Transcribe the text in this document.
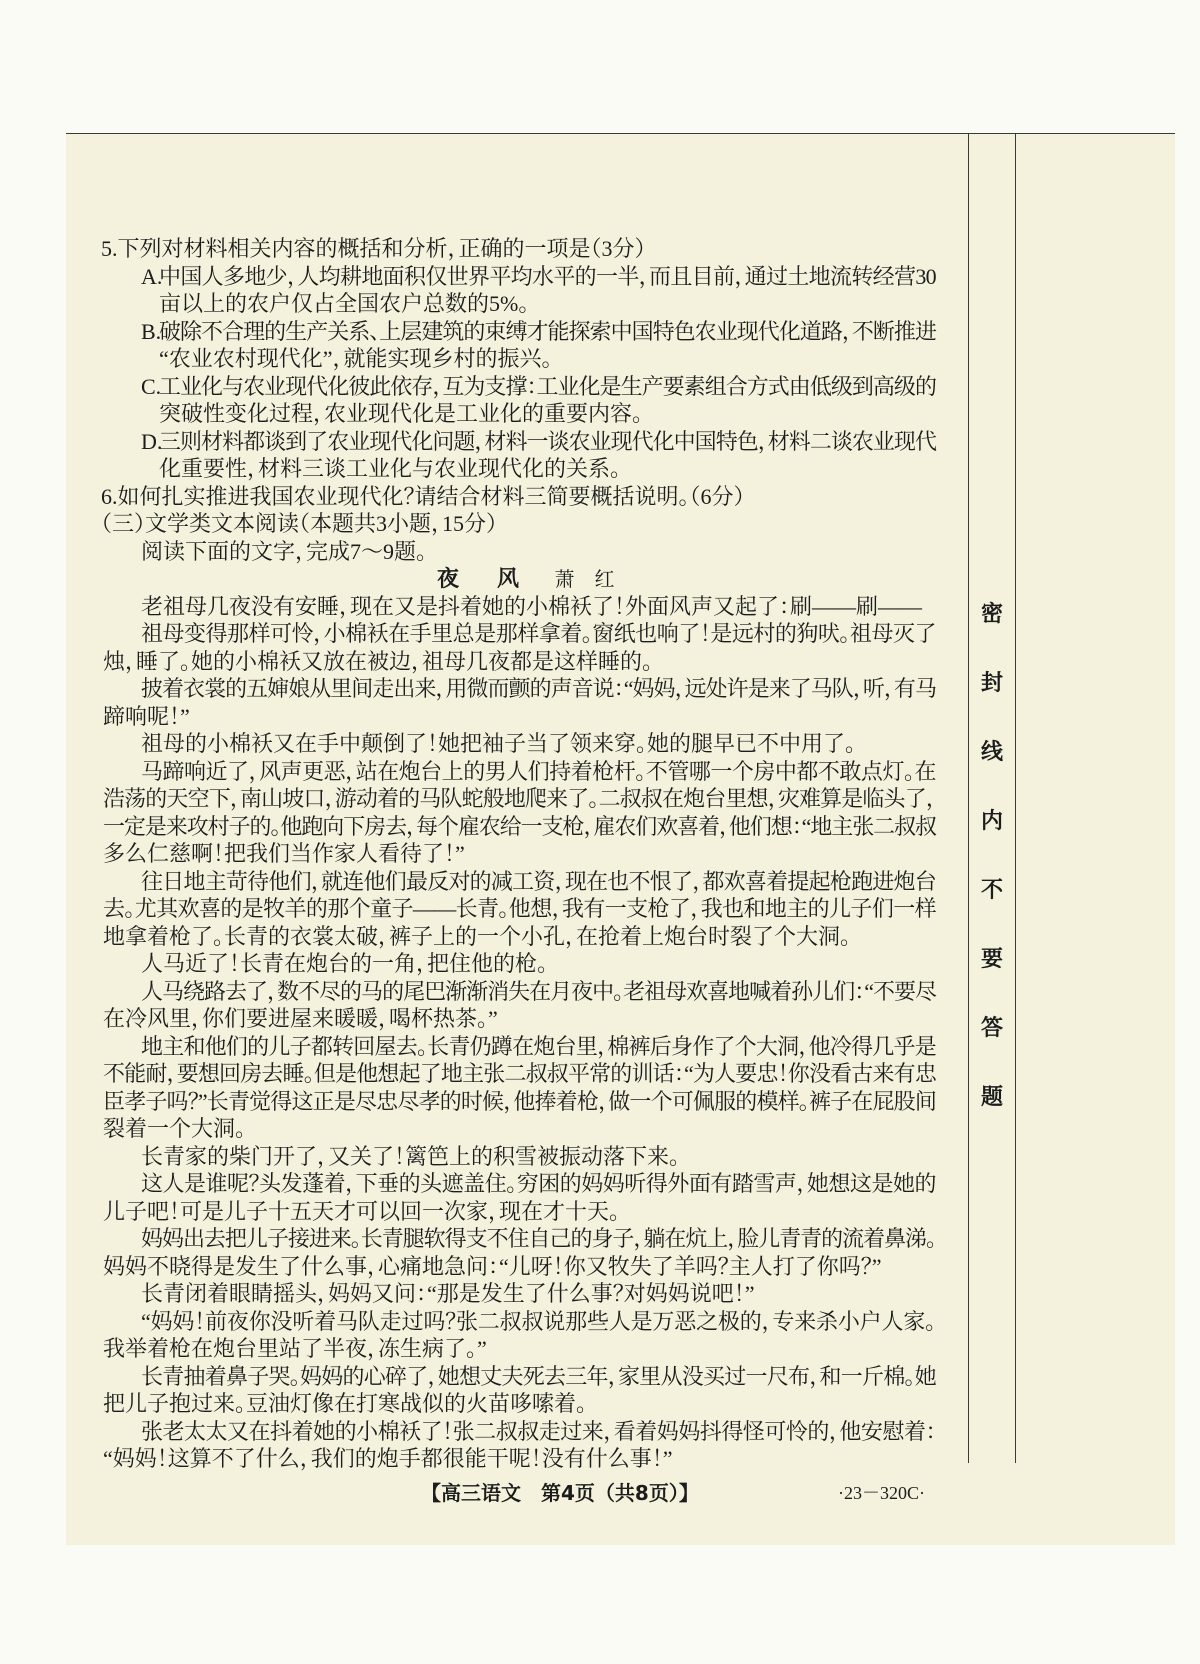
密
封
线
内
不
要
答
题
5.下列对材料相关内容的概括和分析，正确的一项是（3分）
A.中国人多地少，人均耕地面积仅世界平均水平的一半，而且目前，通过土地流转经营30
亩以上的农户仅占全国农户总数的5%。
B.破除不合理的生产关系、上层建筑的束缚才能探索中国特色农业现代化道路，不断推进
“农业农村现代化”，就能实现乡村的振兴。
C.工业化与农业现代化彼此依存，互为支撑：工业化是生产要素组合方式由低级到高级的
突破性变化过程，农业现代化是工业化的重要内容。
D.三则材料都谈到了农业现代化问题，材料一谈农业现代化中国特色，材料二谈农业现代
化重要性，材料三谈工业化与农业现代化的关系。
6.如何扎实推进我国农业现代化？请结合材料三简要概括说明。（6分）
（三）文学类文本阅读（本题共3小题，15分）
阅读下面的文字，完成7～9题。
夜　风 萧　红
老祖母几夜没有安睡，现在又是抖着她的小棉袄了！外面风声又起了：刷——刷——
祖母变得那样可怜，小棉袄在手里总是那样拿着。窗纸也响了！是远村的狗吠。祖母灭了
烛，睡了。她的小棉袄又放在被边，祖母几夜都是这样睡的。
披着衣裳的五婶娘从里间走出来，用微而颤的声音说：“妈妈，远处许是来了马队，听，有马
蹄响呢！”
祖母的小棉袄又在手中颠倒了！她把袖子当了领来穿。她的腿早已不中用了。
马蹄响近了，风声更恶，站在炮台上的男人们持着枪杆。不管哪一个房中都不敢点灯。在
浩荡的天空下，南山坡口，游动着的马队蛇般地爬来了。二叔叔在炮台里想，灾难算是临头了，
一定是来攻村子的。他跑向下房去，每个雇农给一支枪，雇农们欢喜着，他们想：“地主张二叔叔
多么仁慈啊！把我们当作家人看待了！”
往日地主苛待他们，就连他们最反对的减工资，现在也不恨了，都欢喜着提起枪跑进炮台
去。尤其欢喜的是牧羊的那个童子——长青。他想，我有一支枪了，我也和地主的儿子们一样
地拿着枪了。长青的衣裳太破，裤子上的一个小孔，在抢着上炮台时裂了个大洞。
人马近了！长青在炮台的一角，把住他的枪。
人马绕路去了，数不尽的马的尾巴渐渐消失在月夜中。老祖母欢喜地喊着孙儿们：“不要尽
在冷风里，你们要进屋来暖暖，喝杯热茶。”
地主和他们的儿子都转回屋去。长青仍蹲在炮台里，棉裤后身作了个大洞，他冷得几乎是
不能耐，要想回房去睡。但是他想起了地主张二叔叔平常的训话：“为人要忠！你没看古来有忠
臣孝子吗？”长青觉得这正是尽忠尽孝的时候，他捧着枪，做一个可佩服的模样。裤子在屁股间
裂着一个大洞。
长青家的柴门开了，又关了！篱笆上的积雪被振动落下来。
这人是谁呢？头发蓬着，下垂的头遮盖住。穷困的妈妈听得外面有踏雪声，她想这是她的
儿子吧！可是儿子十五天才可以回一次家，现在才十天。
妈妈出去把儿子接进来。长青腿软得支不住自己的身子，躺在炕上，脸儿青青的流着鼻涕。
妈妈不晓得是发生了什么事，心痛地急问：“儿呀！你又牧失了羊吗？主人打了你吗？”
长青闭着眼睛摇头，妈妈又问：“那是发生了什么事？对妈妈说吧！”
“妈妈！前夜你没听着马队走过吗？张二叔叔说那些人是万恶之极的，专来杀小户人家。
我举着枪在炮台里站了半夜，冻生病了。”
长青抽着鼻子哭。妈妈的心碎了，她想丈夫死去三年，家里从没买过一尺布，和一斤棉。她
把儿子抱过来。豆油灯像在打寒战似的火苗哆嗦着。
张老太太又在抖着她的小棉袄了！张二叔叔走过来，看着妈妈抖得怪可怜的，他安慰着：
“妈妈！这算不了什么，我们的炮手都很能干呢！没有什么事！”
【高三语文　第4页（共8页）】	·23－320C·
